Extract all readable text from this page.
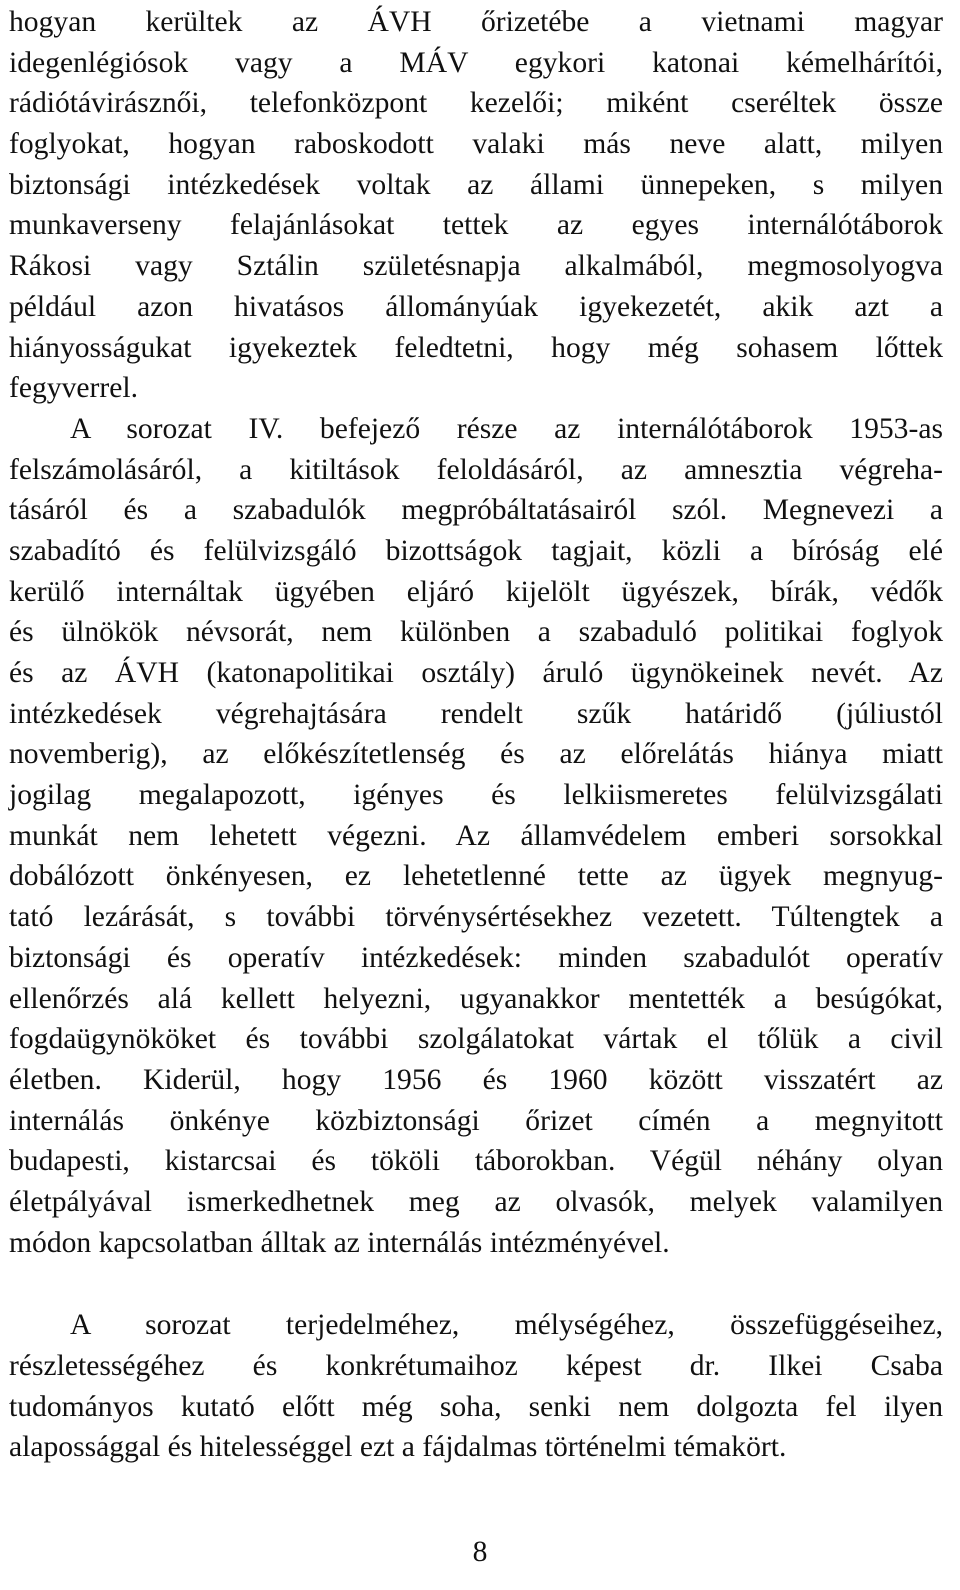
hogyan kerültek az ÁVH őrizetébe a vietnami magyar
idegenlégiósok vagy a MÁV egykori katonai kémelhárítói,
rádiótávirásznői, telefonközpont kezelői; miként cseréltek össze
foglyokat, hogyan raboskodott valaki más neve alatt, milyen
biztonsági intézkedések voltak az állami ünnepeken, s milyen
munkaverseny felajánlásokat tettek az egyes internálótáborok
Rákosi vagy Sztálin születésnapja alkalmából, megmosolyogva
például azon hivatásos állományúak igyekezetét, akik azt a
hiányosságukat igyekeztek feledtetni, hogy még sohasem lőttek
fegyverrel.
A sorozat IV. befejező része az internálótáborok 1953-as
felszámolásáról, a kitiltások feloldásáról, az amnesztia végreha-
tásáról és a szabadulók megpróbáltatásairól szól. Megnevezi a
szabadító és felülvizsgáló bizottságok tagjait, közli a bíróság elé
kerülő internáltak ügyében eljáró kijelölt ügyészek, bírák, védők
és ülnökök névsorát, nem különben a szabaduló politikai foglyok
és az ÁVH (katonapolitikai osztály) áruló ügynökeinek nevét. Az
intézkedések végrehajtására rendelt szűk határidő (júliustól
novemberig), az előkészítetlenség és az előrelátás hiánya miatt
jogilag megalapozott, igényes és lelkiismeretes felülvizsgálati
munkát nem lehetett végezni. Az államvédelem emberi sorsokkal
dobálózott önkényesen, ez lehetetlenné tette az ügyek megnyug-
tató lezárását, s további törvénysértésekhez vezetett. Túltengtek a
biztonsági és operatív intézkedések: minden szabadulót operatív
ellenőrzés alá kellett helyezni, ugyanakkor mentették a besúgókat,
fogdaügynököket és további szolgálatokat vártak el tőlük a civil
életben. Kiderül, hogy 1956 és 1960 között visszatért az
internálás önkénye közbiztonsági őrizet címén a megnyitott
budapesti, kistarcsai és tököli táborokban. Végül néhány olyan
életpályával ismerkedhetnek meg az olvasók, melyek valamilyen
módon kapcsolatban álltak az internálás intézményével.
A sorozat terjedelméhez, mélységéhez, összefüggéseihez,
részletességéhez és konkrétumaihoz képest dr. Ilkei Csaba
tudományos kutató előtt még soha, senki nem dolgozta fel ilyen
alapossággal és hitelességgel ezt a fájdalmas történelmi témakört.
8
